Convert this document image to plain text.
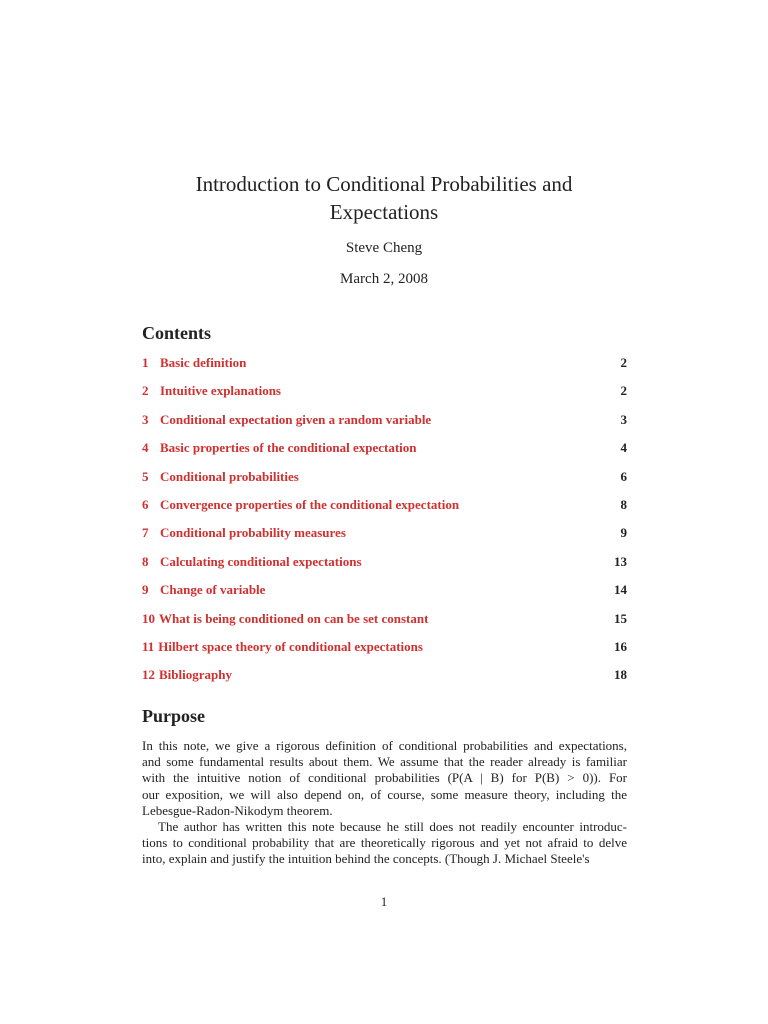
Introduction to Conditional Probabilities and
Expectations
Steve Cheng
March 2, 2008
Contents
1 Basic definition	2
2 Intuitive explanations	2
3 Conditional expectation given a random variable	3
4 Basic properties of the conditional expectation	4
5 Conditional probabilities	6
6 Convergence properties of the conditional expectation	8
7 Conditional probability measures	9
8 Calculating conditional expectations	13
9 Change of variable	14
10 What is being conditioned on can be set constant	15
11 Hilbert space theory of conditional expectations	16
12 Bibliography	18
Purpose
In this note, we give a rigorous definition of conditional probabilities and expectations,
and some fundamental results about them. We assume that the reader already is familiar
with the intuitive notion of conditional probabilities (P(A | B) for P(B) > 0)). For
our exposition, we will also depend on, of course, some measure theory, including the
Lebesgue-Radon-Nikodym theorem.
The author has written this note because he still does not readily encounter introduc-
tions to conditional probability that are theoretically rigorous and yet not afraid to delve
into, explain and justify the intuition behind the concepts. (Though J. Michael Steele's
1
